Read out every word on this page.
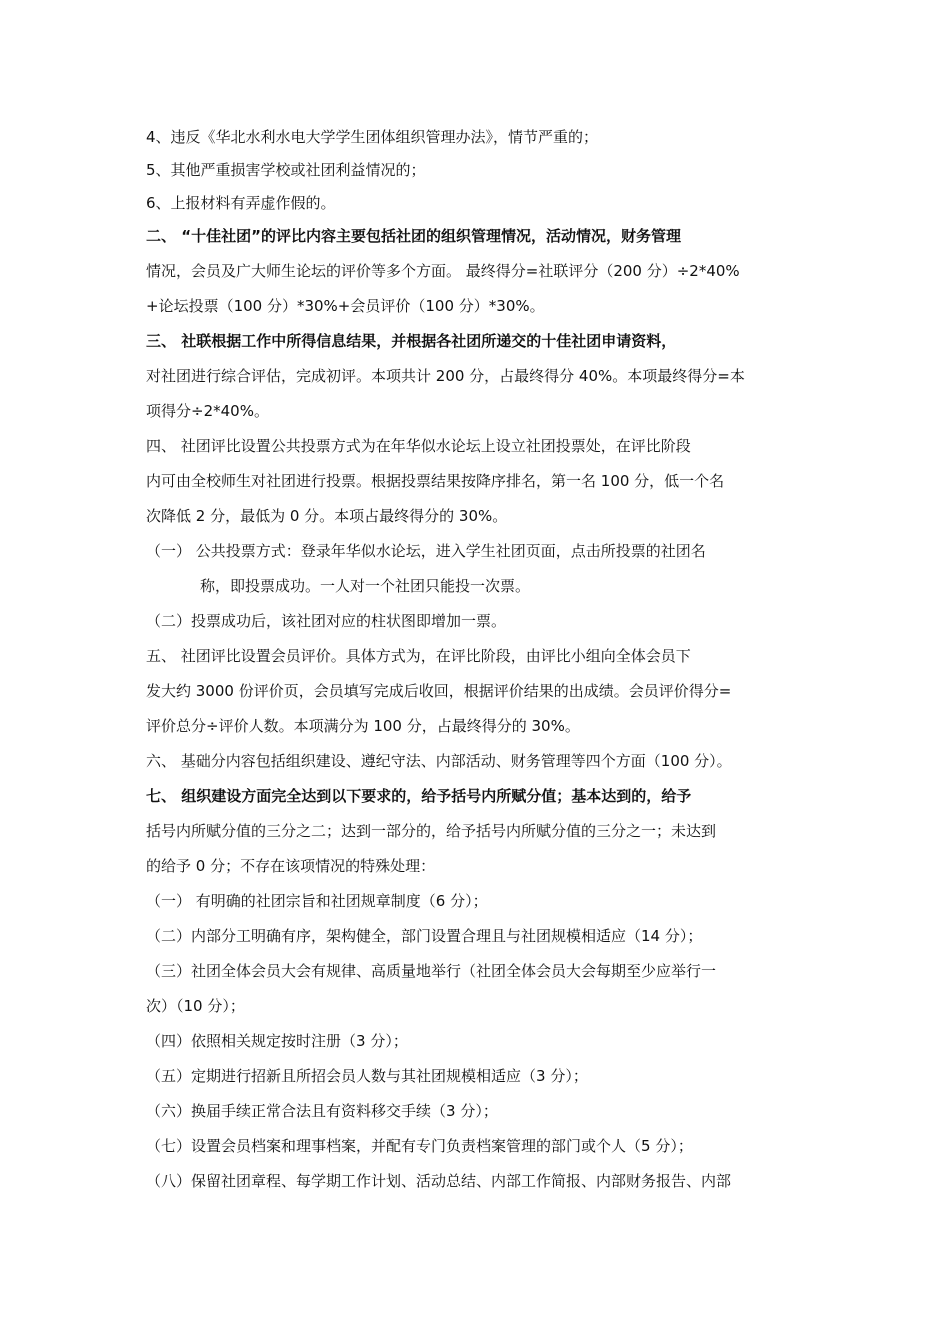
4、违反《华北水利水电大学学生团体组织管理办法》，情节严重的；
5、其他严重损害学校或社团利益情况的；
6、上报材料有弄虚作假的。
二、 “十佳社团”的评比内容主要包括社团的组织管理情况，活动情况，财务管理
情况，会员及广大师生论坛的评价等多个方面。 最终得分=社联评分（200 分）÷2*40%
+论坛投票（100 分）*30%+会员评价（100 分）*30%。
三、 社联根据工作中所得信息结果，并根据各社团所递交的十佳社团申请资料，
对社团进行综合评估，完成初评。本项共计 200 分，占最终得分 40%。本项最终得分=本
项得分÷2*40%。
四、 社团评比设置公共投票方式为在年华似水论坛上设立社团投票处，在评比阶段
内可由全校师生对社团进行投票。根据投票结果按降序排名，第一名 100 分，低一个名
次降低 2 分，最低为 0 分。本项占最终得分的 30%。
（一） 公共投票方式：登录年华似水论坛，进入学生社团页面，点击所投票的社团名
称，即投票成功。一人对一个社团只能投一次票。
（二）投票成功后，该社团对应的柱状图即增加一票。
五、 社团评比设置会员评价。具体方式为，在评比阶段，由评比小组向全体会员下
发大约 3000 份评价页，会员填写完成后收回，根据评价结果的出成绩。会员评价得分=
评价总分÷评价人数。本项满分为 100 分，占最终得分的 30%。
六、 基础分内容包括组织建设、遵纪守法、内部活动、财务管理等四个方面（100 分）。
七、 组织建设方面完全达到以下要求的，给予括号内所赋分值；基本达到的，给予
括号内所赋分值的三分之二；达到一部分的，给予括号内所赋分值的三分之一；未达到
的给予 0 分；不存在该项情况的特殊处理：
（一） 有明确的社团宗旨和社团规章制度（6 分）；
（二）内部分工明确有序，架构健全，部门设置合理且与社团规模相适应（14 分）；
（三）社团全体会员大会有规律、高质量地举行（社团全体会员大会每期至少应举行一
次）（10 分）；
（四）依照相关规定按时注册（3 分）；
（五）定期进行招新且所招会员人数与其社团规模相适应（3 分）；
（六）换届手续正常合法且有资料移交手续（3 分）；
（七）设置会员档案和理事档案，并配有专门负责档案管理的部门或个人（5 分）；
（八）保留社团章程、每学期工作计划、活动总结、内部工作简报、内部财务报告、内部
